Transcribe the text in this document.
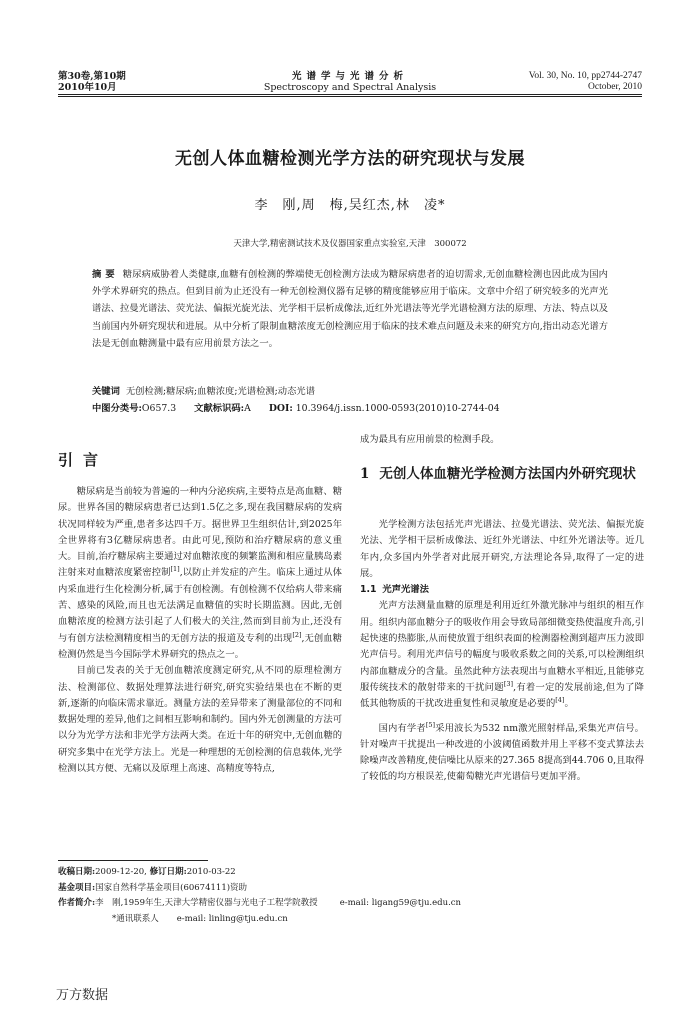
第30卷,第10期
2010年10月
光谱学与光谱分析
Spectroscopy and Spectral Analysis
Vol. 30, No. 10, pp2744-2747
October, 2010
无创人体血糖检测光学方法的研究现状与发展
李　刚,周　梅,吴红杰,林　凌*
天津大学,精密测试技术及仪器国家重点实验室,天津　300072
摘要 糖尿病威胁着人类健康,血糖有创检测的弊端使无创检测方法成为糖尿病患者的迫切需求,无创血糖检测也因此成为国内外学术界研究的热点。但到目前为止还没有一种无创检测仪器有足够的精度能够应用于临床。文章中介绍了研究较多的光声光谱法、拉曼光谱法、荧光法、偏振光旋光法、光学相干层析成像法,近红外光谱法等光学光谱检测方法的原理、方法、特点以及当前国内外研究现状和进展。从中分析了限制血糖浓度无创检测应用于临床的技术难点问题及未来的研究方向,指出动态光谱方法是无创血糖测量中最有应用前景方法之一。
关键词 无创检测;糖尿病;血糖浓度;光谱检测;动态光谱
中图分类号:O657.3 文献标识码:A DOI: 10.3964/j.issn.1000-0593(2010)10-2744-04
引言

糖尿病是当前较为普遍的一种内分泌疾病,主要特点是高血糖、糖尿。世界各国的糖尿病患者已达到1.5亿之多,现在我国糖尿病的发病状况同样较为严重,患者多达四千万。据世界卫生组织估计,到2025年全世界将有3亿糖尿病患者。由此可见,预防和治疗糖尿病的意义重大。目前,治疗糖尿病主要通过对血糖浓度的频繁监测和相应量胰岛素注射来对血糖浓度紧密控制[1],以防止并发症的产生。临床上通过从体内采血进行生化检测分析,属于有创检测。有创检测不仅给病人带来痛苦、感染的风险,而且也无法满足血糖值的实时长期监测。因此,无创血糖浓度的检测方法引起了人们极大的关注,然而到目前为止,还没有与有创方法检测精度相当的无创方法的报道及专利的出现[2],无创血糖检测仍然是当今国际学术界研究的热点之一。

目前已发表的关于无创血糖浓度测定研究,从不同的原理检测方法、检测部位、数据处理算法进行研究,研究实验结果也在不断的更新,逐渐的向临床需求靠近。测量方法的差异带来了测量部位的不同和数据处理的差异,他们之间相互影响和制约。国内外无创测量的方法可以分为光学方法和非光学方法两大类。在近十年的研究中,无创血糖的研究多集中在光学方法上。光是一种理想的无创检测的信息载体,光学检测以其方便、无痛以及原理上高速、高精度等特点,

成为最具有应用前景的检测手段。

1 无创人体血糖光学检测方法国内外研究现状

光学检测方法包括光声光谱法、拉曼光谱法、荧光法、偏振光旋光法、光学相干层析成像法、近红外光谱法、中红外光谱法等。近几年内,众多国内外学者对此展开研究,方法理论各异,取得了一定的进展。

1.1 光声光谱法

光声方法测量血糖的原理是利用近红外激光脉冲与组织的相互作用。组织内部血糖分子的吸收作用会导致局部细微变热使温度升高,引起快速的热膨胀,从而使放置于组织表面的检测器检测到超声压力波即光声信号。利用光声信号的幅度与吸收系数之间的关系,可以检测组织内部血糖成分的含量。虽然此种方法表现出与血糖水平相近,且能够克服传统技术的散射带来的干扰问题[3],有着一定的发展前途,但为了降低其他物质的干扰改进重复性和灵敏度是必要的[4]。

国内有学者[5]采用波长为532 nm激光照射样品,采集光声信号。针对噪声干扰提出一种改进的小波阈值函数并用上平移不变式算法去除噪声改善精度,使信噪比从原来的27.365 8提高到44.706 0,且取得了较低的均方根误差,使葡萄糖光声光谱信号更加平滑。

收稿日期:2009-12-20, 修订日期:2010-03-22
基金项目:国家自然科学基金项目(60674111)资助
作者简介:李　刚,1959年生,天津大学精密仪器与光电子工程学院教授	e-mail: ligang59@tju.edu.cn
*通讯联系人 e-mail: linling@tju.edu.cn
万方数据
